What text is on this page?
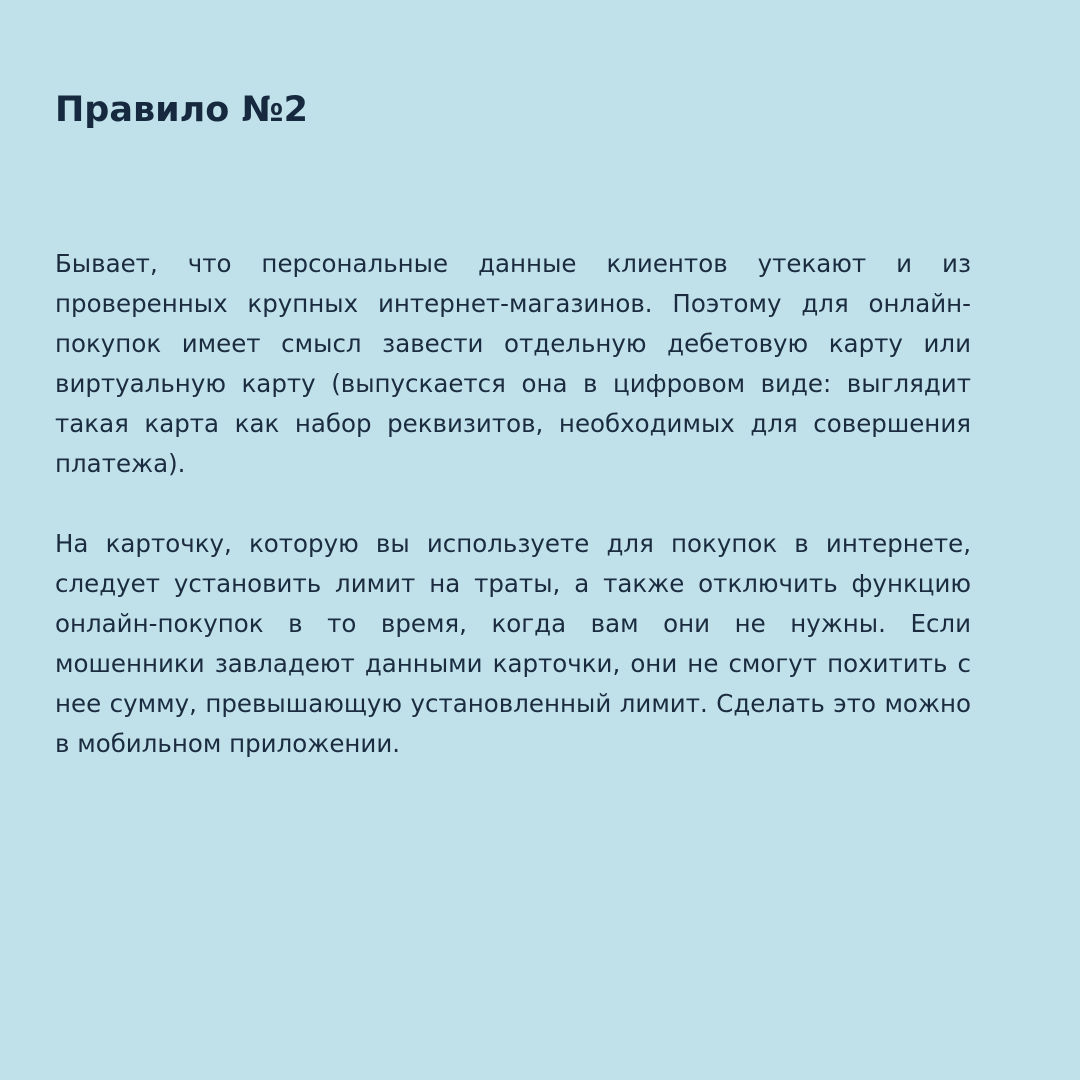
Правило №2

Бывает, что персональные данные клиентов утекают и из проверенных крупных интернет-магазинов. Поэтому для онлайн-покупок имеет смысл завести отдельную дебетовую карту или виртуальную карту (выпускается она в цифровом виде: выглядит такая карта как набор реквизитов, необходимых для совершения платежа).

На карточку, которую вы используете для покупок в интернете, следует установить лимит на траты, а также отключить функцию онлайн-покупок в то время, когда вам они не нужны. Если мошенники завладеют данными карточки, они не смогут похитить с нее сумму, превышающую установленный лимит. Сделать это можно в мобильном приложении.
